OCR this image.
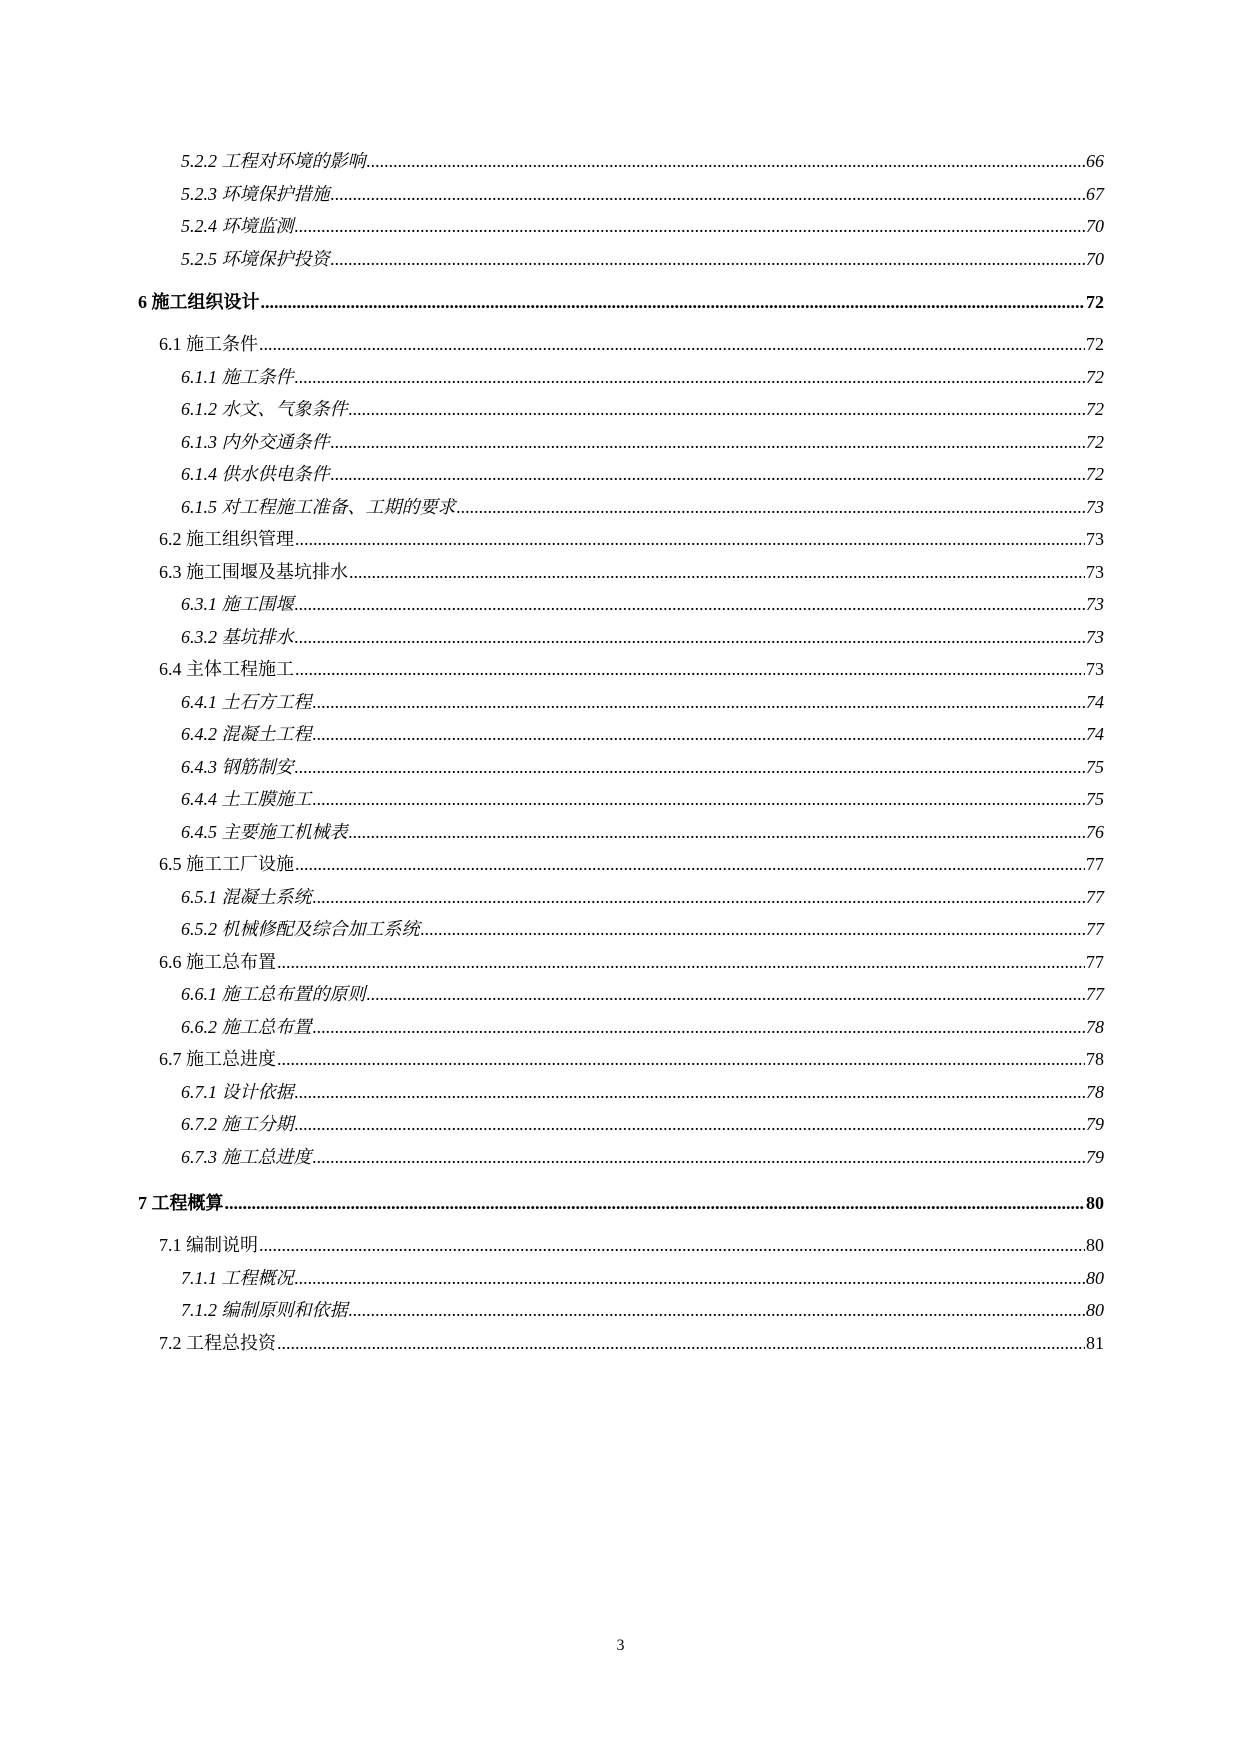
5.2.2 工程对环境的影响 .....	66
5.2.3 环境保护措施 .....	67
5.2.4 环境监测 .....	70
5.2.5 环境保护投资 .....	70
6 施工组织设计 .....	72
6.1 施工条件 .....	72
6.1.1 施工条件 .....	72
6.1.2 水文、气象条件 .....	72
6.1.3 内外交通条件 .....	72
6.1.4 供水供电条件 .....	72
6.1.5 对工程施工准备、工期的要求 .....	73
6.2 施工组织管理 .....	73
6.3 施工围堰及基坑排水 .....	73
6.3.1 施工围堰 .....	73
6.3.2 基坑排水 .....	73
6.4 主体工程施工 .....	73
6.4.1 土石方工程 .....	74
6.4.2 混凝土工程 .....	74
6.4.3 钢筋制安 .....	75
6.4.4 土工膜施工 .....	75
6.4.5 主要施工机械表 .....	76
6.5 施工工厂设施 .....	77
6.5.1 混凝土系统 .....	77
6.5.2 机械修配及综合加工系统 .....	77
6.6 施工总布置 .....	77
6.6.1 施工总布置的原则 .....	77
6.6.2 施工总布置 .....	78
6.7 施工总进度 .....	78
6.7.1 设计依据 .....	78
6.7.2 施工分期 .....	79
6.7.3 施工总进度 .....	79
7 工程概算 .....	80
7.1 编制说明 .....	80
7.1.1 工程概况 .....	80
7.1.2 编制原则和依据 .....	80
7.2 工程总投资 .....	81
3
